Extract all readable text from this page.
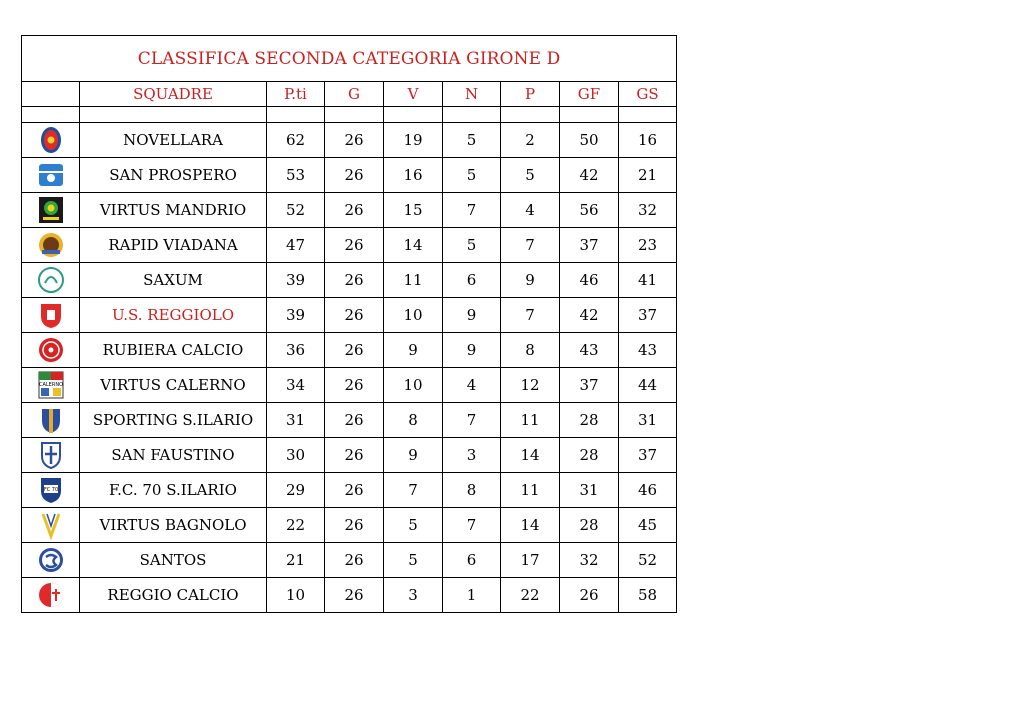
CLASSIFICA SECONDA CATEGORIA GIRONE D								
	SQUADRE	P.ti	G	V	N	P	GF	GS

	NOVELLARA	62	26	19	5	2	50	16

	SAN PROSPERO	53	26	16	5	5	42	21

	VIRTUS MANDRIO	52	26	15	7	4	56	32

	RAPID VIADANA	47	26	14	5	7	37	23

	SAXUM	39	26	11	6	9	46	41

	U.S. REGGIOLO	39	26	10	9	7	42	37

	RUBIERA CALCIO	36	26	9	9	8	43	43

CALERNO	VIRTUS CALERNO	34	26	10	4	12	37	44

	SPORTING S.ILARIO	31	26	8	7	11	28	31

	SAN FAUSTINO	30	26	9	3	14	28	37

FC 70	F.C. 70 S.ILARIO	29	26	7	8	11	31	46

	VIRTUS BAGNOLO	22	26	5	7	14	28	45

	SANTOS	21	26	5	6	17	32	52

	REGGIO CALCIO	10	26	3	1	22	26	58
